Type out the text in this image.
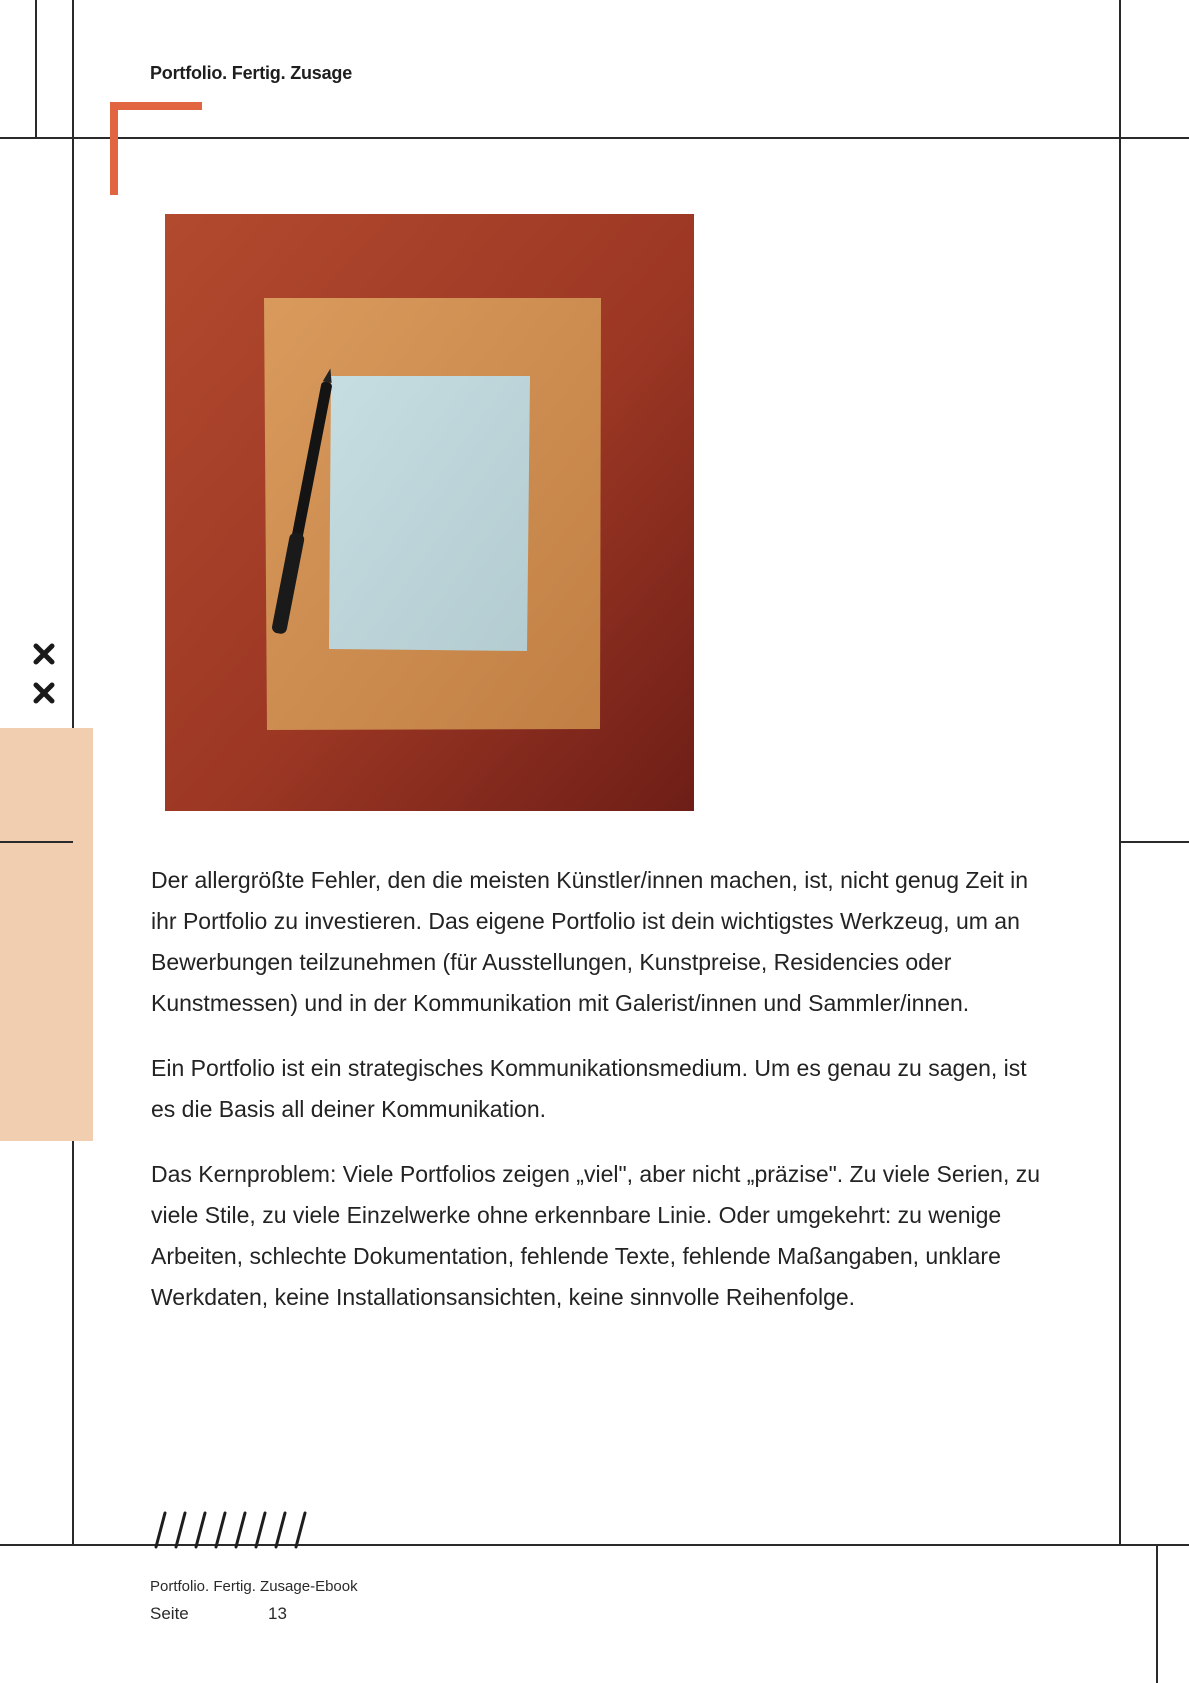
Portfolio. Fertig. Zusage

Der allergrößte Fehler, den die meisten Künstler/innen machen, ist, nicht genug Zeit in ihr Portfolio zu investieren. Das eigene Portfolio ist dein wichtigstes Werkzeug, um an Bewerbungen teilzunehmen (für Ausstellungen, Kunstpreise, Residencies oder Kunstmessen) und in der Kommunikation mit Galerist/innen und Sammler/innen.

Ein Portfolio ist ein strategisches Kommunikationsmedium. Um es genau zu sagen, ist es die Basis all deiner Kommunikation.

Das Kernproblem: Viele Portfolios zeigen „viel", aber nicht „präzise". Zu viele Serien, zu viele Stile, zu viele Einzelwerke ohne erkennbare Linie. Oder umgekehrt: zu wenige Arbeiten, schlechte Dokumentation, fehlende Texte, fehlende Maßangaben, unklare Werkdaten, keine Installationsansichten, keine sinnvolle Reihenfolge.

Portfolio. Fertig. Zusage-Ebook
Seite	13
